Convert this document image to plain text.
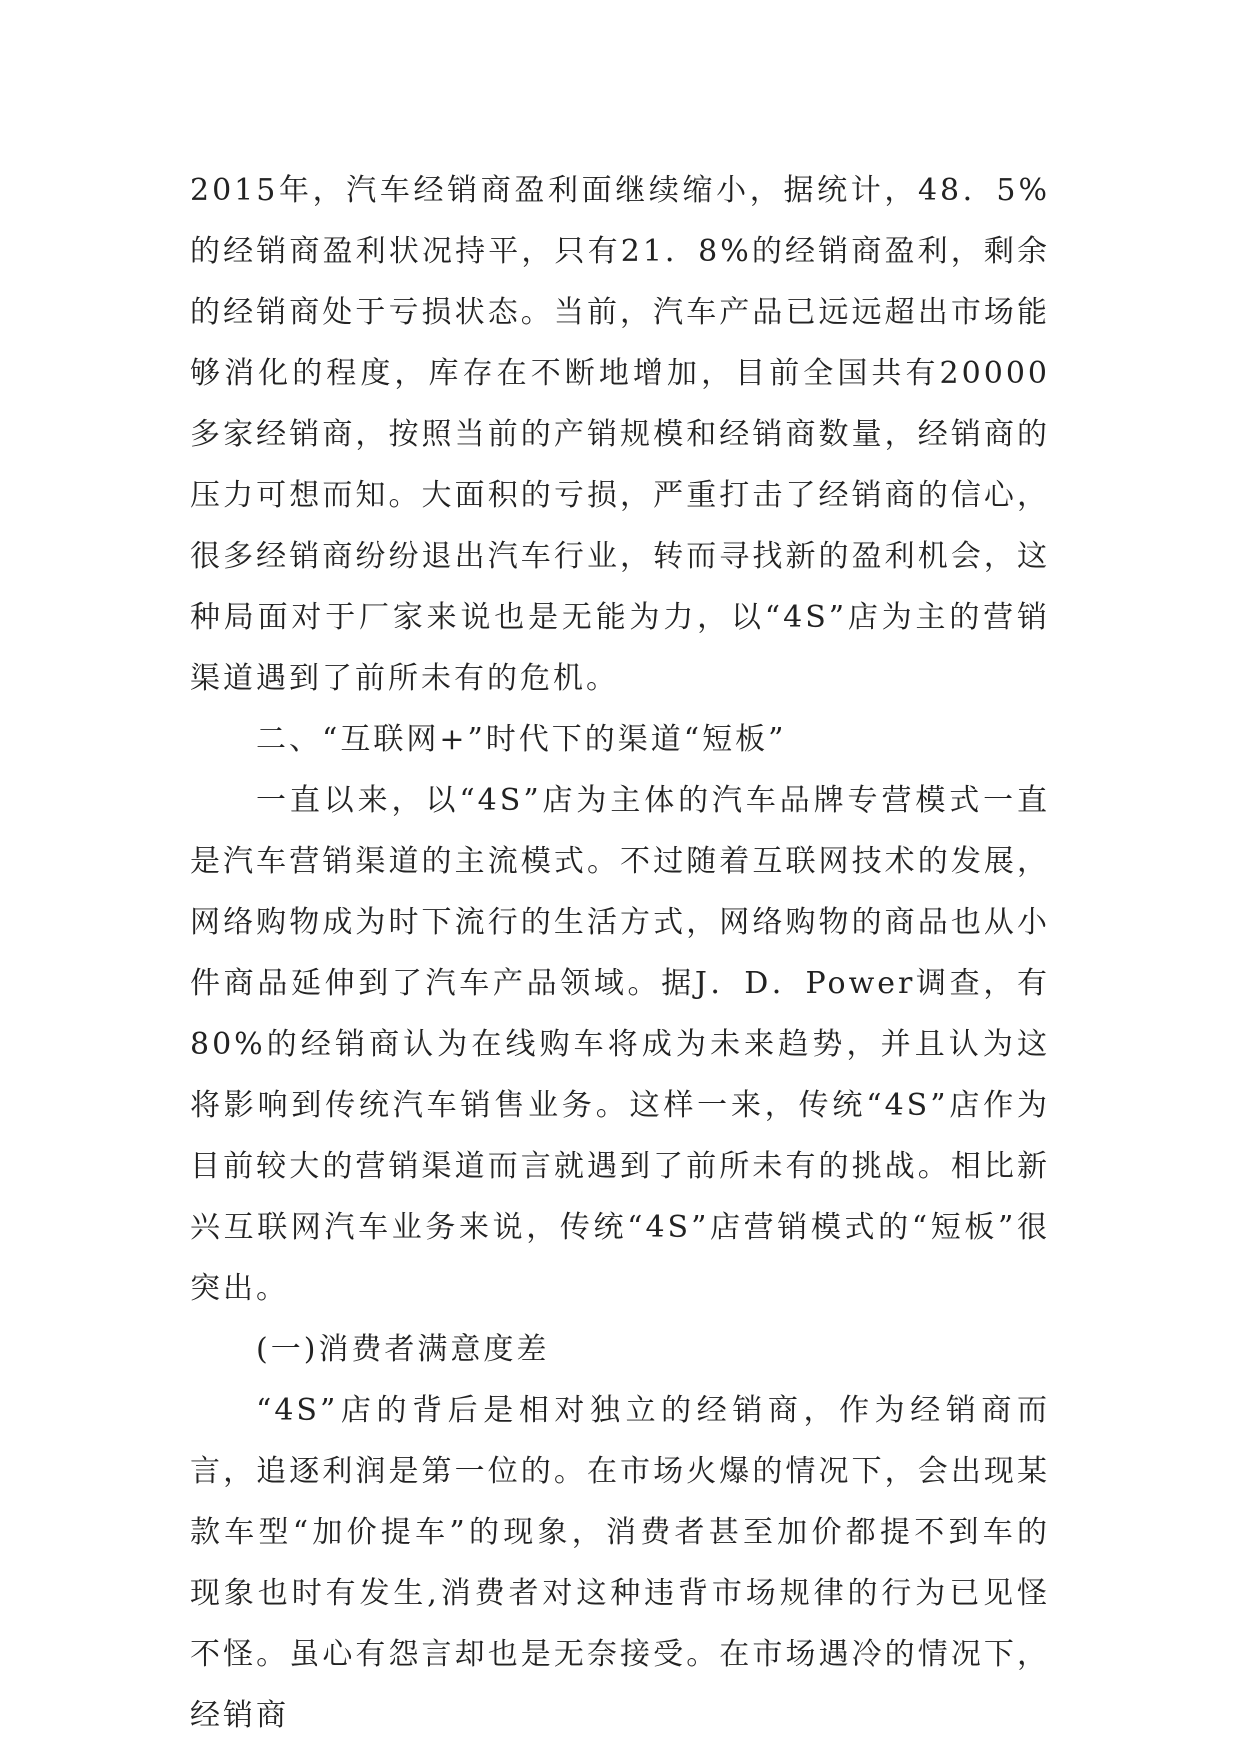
2015年，汽车经销商盈利面继续缩小，据统计，48．5%的经销商盈利状况持平，只有21．8%的经销商盈利，剩余的经销商处于亏损状态。当前，汽车产品已远远超出市场能够消化的程度，库存在不断地增加，目前全国共有20000多家经销商，按照当前的产销规模和经销商数量，经销商的压力可想而知。大面积的亏损，严重打击了经销商的信心，很多经销商纷纷退出汽车行业，转而寻找新的盈利机会，这种局面对于厂家来说也是无能为力，以“4S”店为主的营销渠道遇到了前所未有的危机。

二、“互联网+”时代下的渠道“短板”

一直以来，以“4S”店为主体的汽车品牌专营模式一直是汽车营销渠道的主流模式。不过随着互联网技术的发展，网络购物成为时下流行的生活方式，网络购物的商品也从小件商品延伸到了汽车产品领域。据J．D．Power调查，有80%的经销商认为在线购车将成为未来趋势，并且认为这将影响到传统汽车销售业务。这样一来，传统“4S”店作为目前较大的营销渠道而言就遇到了前所未有的挑战。相比新兴互联网汽车业务来说，传统“4S”店营销模式的“短板”很突出。

(一)消费者满意度差

“4S”店的背后是相对独立的经销商，作为经销商而言，追逐利润是第一位的。在市场火爆的情况下，会出现某款车型“加价提车”的现象，消费者甚至加价都提不到车的现象也时有发生,消费者对这种违背市场规律的行为已见怪不怪。虽心有怨言却也是无奈接受。在市场遇冷的情况下，经销商
